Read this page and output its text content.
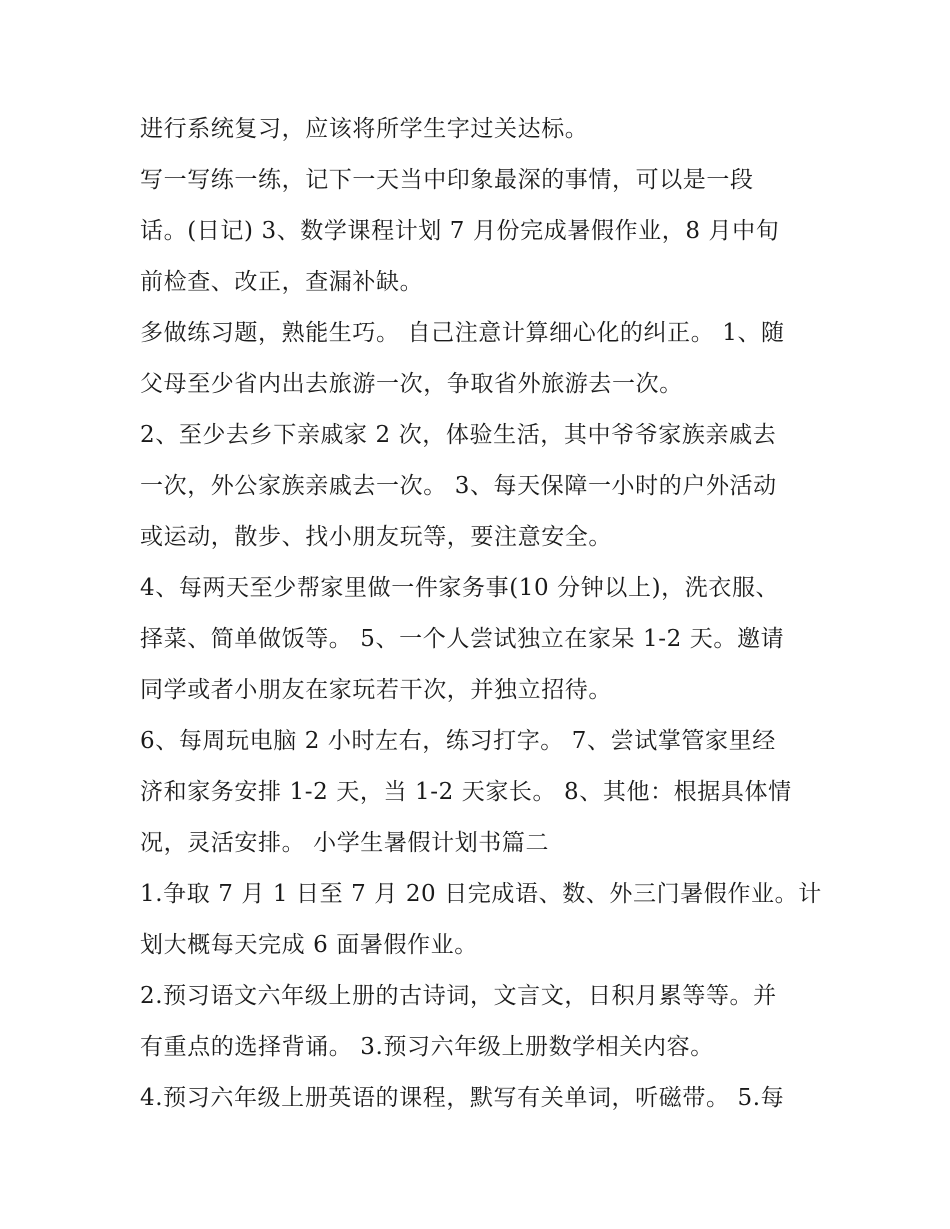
进行系统复习，应该将所学生字过关达标。
写一写练一练，记下一天当中印象最深的事情，可以是一段
话。(日记) 3、数学课程计划 7 月份完成暑假作业，8 月中旬
前检查、改正，查漏补缺。
多做练习题，熟能生巧。 自己注意计算细心化的纠正。 1、随
父母至少省内出去旅游一次，争取省外旅游去一次。
2、至少去乡下亲戚家 2 次，体验生活，其中爷爷家族亲戚去
一次，外公家族亲戚去一次。 3、每天保障一小时的户外活动
或运动，散步、找小朋友玩等，要注意安全。
4、每两天至少帮家里做一件家务事(10 分钟以上)，洗衣服、
择菜、简单做饭等。 5、一个人尝试独立在家呆 1-2 天。邀请
同学或者小朋友在家玩若干次，并独立招待。
6、每周玩电脑 2 小时左右，练习打字。 7、尝试掌管家里经
济和家务安排 1-2 天，当 1-2 天家长。 8、其他：根据具体情
况，灵活安排。 小学生暑假计划书篇二
1.争取 7 月 1 日至 7 月 20 日完成语、数、外三门暑假作业。计
划大概每天完成 6 面暑假作业。
2.预习语文六年级上册的古诗词，文言文，日积月累等等。并
有重点的选择背诵。 3.预习六年级上册数学相关内容。
4.预习六年级上册英语的课程，默写有关单词，听磁带。 5.每
